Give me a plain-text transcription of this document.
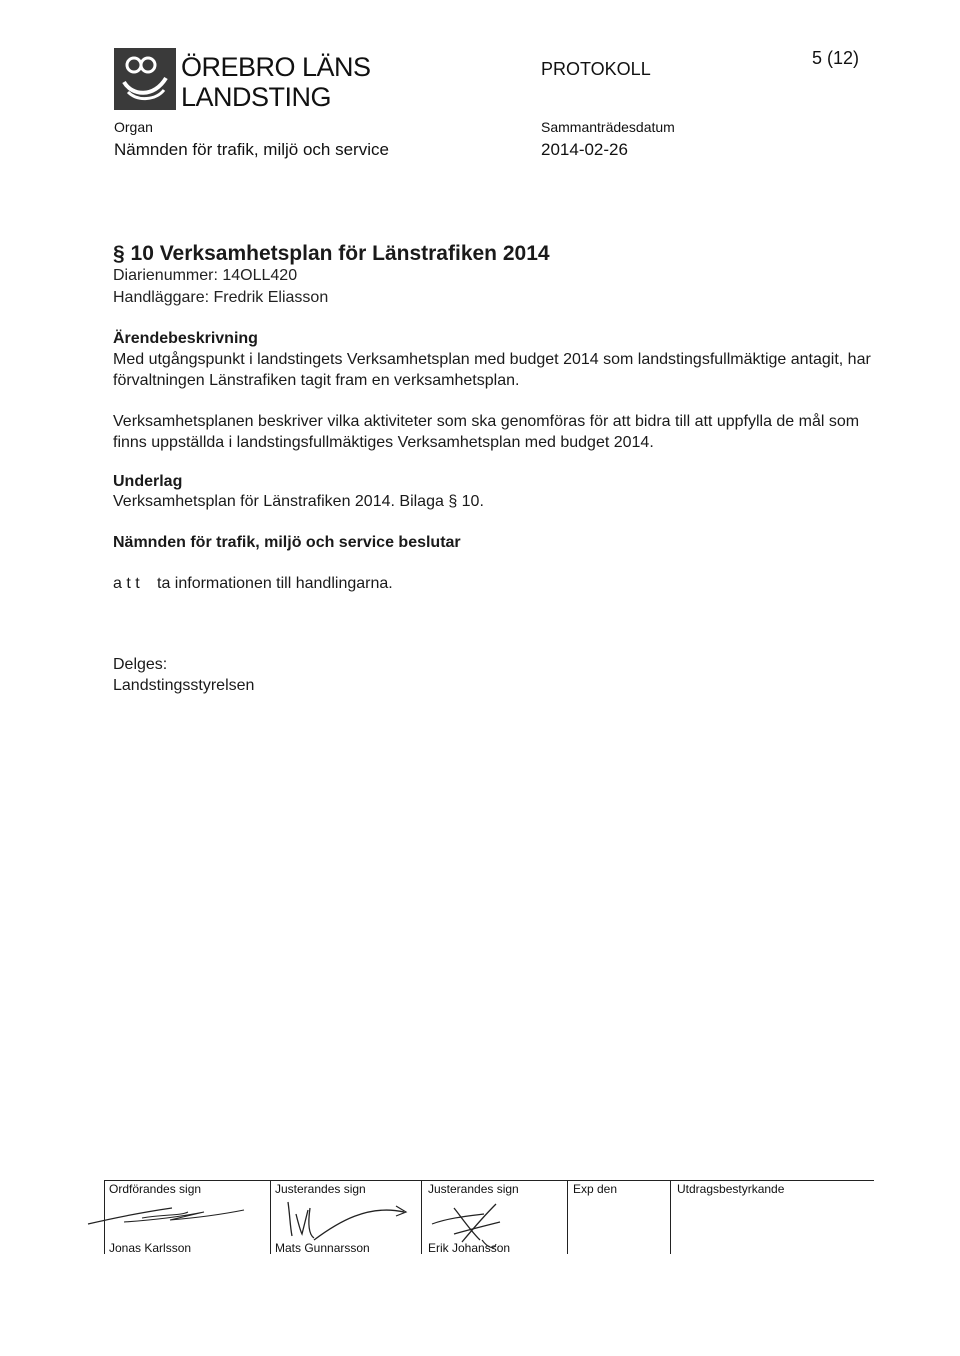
ÖREBRO LÄNS
LANDSTING
PROTOKOLL
5 (12)
Organ
Nämnden för trafik, miljö och service
Sammanträdesdatum
2014-02-26
§ 10 Verksamhetsplan för Länstrafiken 2014
Diarienummer: 14OLL420
Handläggare: Fredrik Eliasson
Ärendebeskrivning
Med utgångspunkt i landstingets Verksamhetsplan med budget 2014 som landstingsfullmäktige antagit, har förvaltningen Länstrafiken tagit fram en verksamhetsplan.
Verksamhetsplanen beskriver vilka aktiviteter som ska genomföras för att bidra till att uppfylla de mål som finns uppställda i landstingsfullmäktiges Verksamhetsplan med budget 2014.
Underlag
Verksamhetsplan för Länstrafiken 2014. Bilaga § 10.
Nämnden för trafik, miljö och service beslutar
a t t ta informationen till handlingarna.
Delges:
Landstingsstyrelsen
Ordförandes sign	Justerandes sign	Justerandes sign	Exp den	Utdragsbestyrkande
Jonas Karlsson	Mats Gunnarsson	Erik Johansson
